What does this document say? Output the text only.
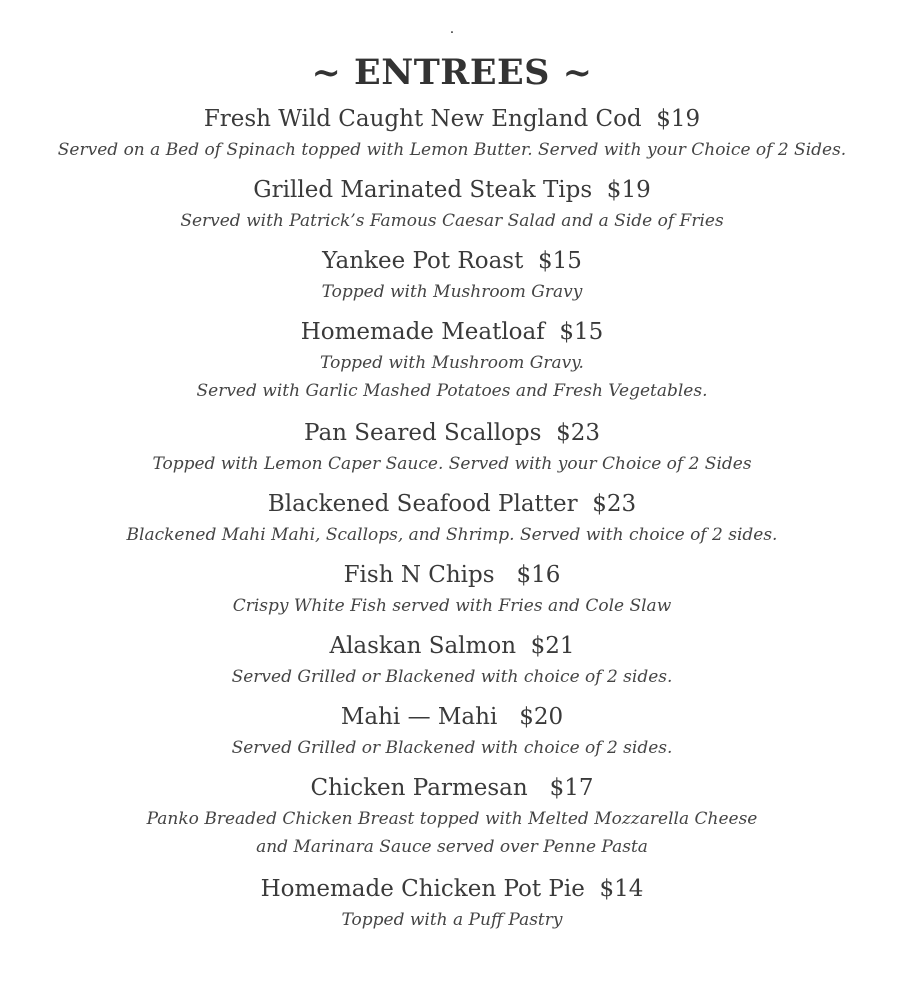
.
~ ENTREES ~
Fresh Wild Caught New England Cod  $19
Served on a Bed of Spinach topped with Lemon Butter. Served with your Choice of 2 Sides.
Grilled Marinated Steak Tips  $19
Served with Patrick’s Famous Caesar Salad and a Side of Fries
Yankee Pot Roast  $15
Topped with Mushroom Gravy
Homemade Meatloaf  $15
Topped with Mushroom Gravy.
Served with Garlic Mashed Potatoes and Fresh Vegetables.
Pan Seared Scallops  $23
Topped with Lemon Caper Sauce. Served with your Choice of 2 Sides
Blackened Seafood Platter  $23
Blackened Mahi Mahi, Scallops, and Shrimp. Served with choice of 2 sides.
Fish N Chips   $16
Crispy White Fish served with Fries and Cole Slaw
Alaskan Salmon  $21
Served Grilled or Blackened with choice of 2 sides.
Mahi — Mahi   $20
Served Grilled or Blackened with choice of 2 sides.
Chicken Parmesan   $17
Panko Breaded Chicken Breast topped with Melted Mozzarella Cheese
and Marinara Sauce served over Penne Pasta
Homemade Chicken Pot Pie  $14
Topped with a Puff Pastry
